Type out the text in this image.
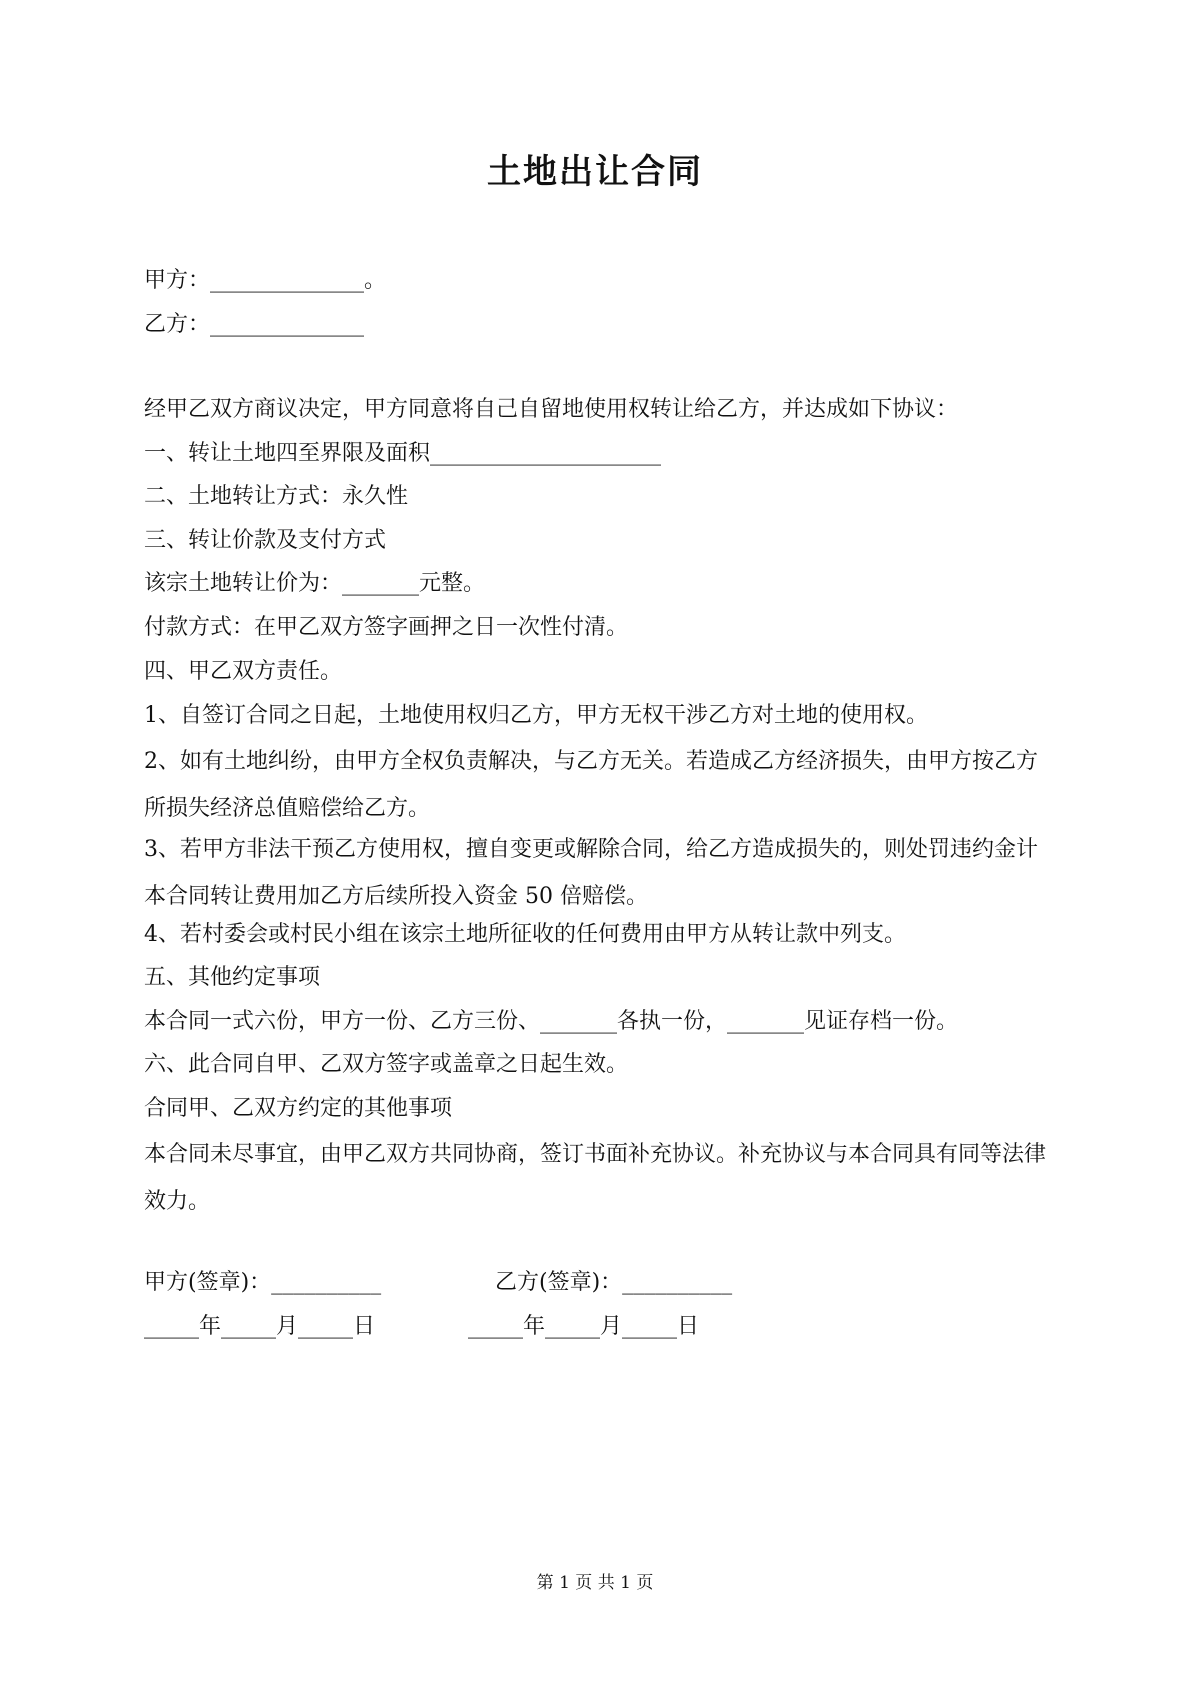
土地出让合同
甲方：______________。
乙方：______________
经甲乙双方商议决定，甲方同意将自己自留地使用权转让给乙方，并达成如下协议：
一、转让土地四至界限及面积_____________________
二、土地转让方式：永久性
三、转让价款及支付方式
该宗土地转让价为：_______元整。
付款方式：在甲乙双方签字画押之日一次性付清。
四、甲乙双方责任。
1、自签订合同之日起，土地使用权归乙方，甲方无权干涉乙方对土地的使用权。
2、如有土地纠纷，由甲方全权负责解决，与乙方无关。若造成乙方经济损失，由甲方按乙方所损失经济总值赔偿给乙方。
3、若甲方非法干预乙方使用权，擅自变更或解除合同，给乙方造成损失的，则处罚违约金计本合同转让费用加乙方后续所投入资金 50 倍赔偿。
4、若村委会或村民小组在该宗土地所征收的任何费用由甲方从转让款中列支。
五、其他约定事项
本合同一式六份，甲方一份、乙方三份、_______各执一份，_______见证存档一份。
六、此合同自甲、乙双方签字或盖章之日起生效。
合同甲、乙双方约定的其他事项
本合同未尽事宜，由甲乙双方共同协商，签订书面补充协议。补充协议与本合同具有同等法律效力。
甲方(签章)：__________	乙方(签章)：__________
_____年_____月_____日	_____年_____月_____日
第 1 页 共 1 页
